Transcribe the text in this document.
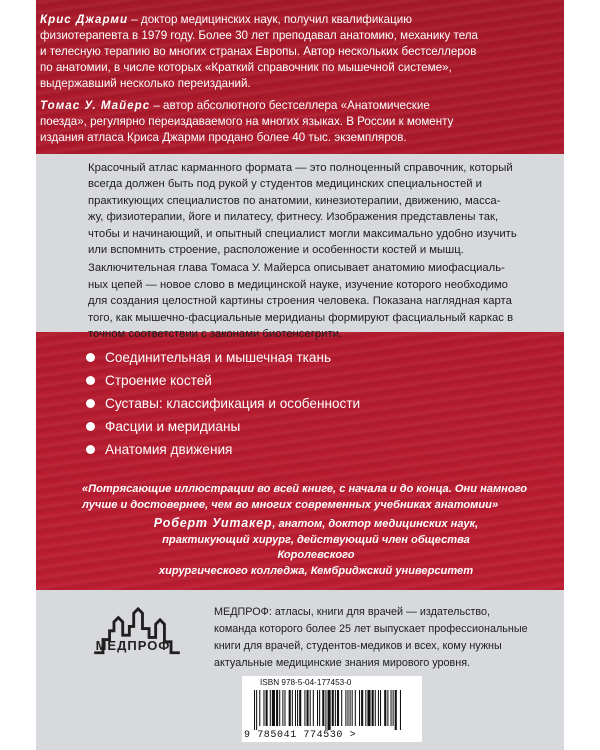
Крис Джарми – доктор медицинских наук, получил квалификацию
физиотерапевта в 1979 году. Более 30 лет преподавал анатомию, механику тела
и телесную терапию во многих странах Европы. Автор нескольких бестселлеров
по анатомии, в числе которых «Краткий справочник по мышечной системе»,
выдержавший несколько переизданий.

Томас У. Майерс – автор абсолютного бестселлера «Анатомические
поезда», регулярно переиздаваемого на многих языках. В России к моменту
издания атласа Криса Джарми продано более 40 тыс. экземпляров.

Красочный атлас карманного формата — это полноценный справочник, который
всегда должен быть под рукой у студентов медицинских специальностей и
практикующих специалистов по анатомии, кинезиотерапии, движению, масса-
жу, физиотерапии, йоге и пилатесу, фитнесу. Изображения представлены так,
чтобы и начинающий, и опытный специалист могли максимально удобно изучить
или вспомнить строение, расположение и особенности костей и мышц.

Заключительная глава Томаса У. Майерса описывает анатомию миофасциаль-
ных цепей — новое слово в медицинской науке, изучение которого необходимо
для создания целостной картины строения человека. Показана наглядная карта
того, как мышечно-фасциальные меридианы формируют фасциальный каркас в
точном соответствии с законами биотенсегрити.

Соединительная и мышечная ткань
Строение костей
Суставы: классификация и особенности
Фасции и меридианы
Анатомия движения
«Потрясающие иллюстрации во всей книге, с начала и до конца. Они намного
лучше и достовернее, чем во многих современных учебниках анатомии»
Роберт Уитакер, анатом, доктор медицинских наук,
практикующий хирург, действующий член общества Королевского
хирургического колледжа, Кембриджский университет
МЕДПРОФ
МЕДПРОФ: атласы, книги для врачей — издательство,
команда которого более 25 лет выпускает профессиональные
книги для врачей, студентов-медиков и всех, кому нужны
актуальные медицинские знания мирового уровня.
ISBN 978-5-04-177453-0
9 785041 774530 >
